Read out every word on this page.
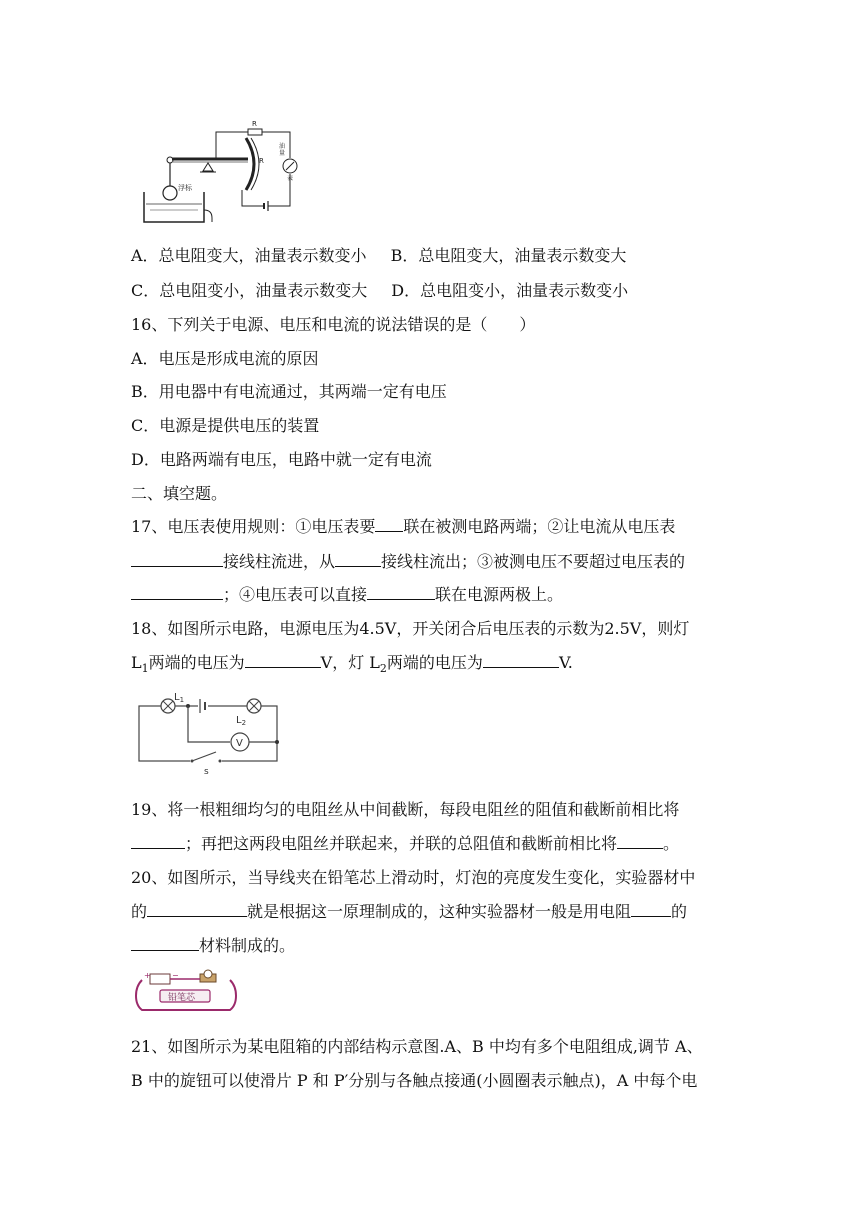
浮标
R
R
油
量
表
A．总电阻变大，油量表示数变小 B．总电阻变大，油量表示数变大
C．总电阻变小，油量表示数变大 D．总电阻变小，油量表示数变小
16、下列关于电源、电压和电流的说法错误的是（　　）
A．电压是形成电流的原因
B．用电器中有电流通过，其两端一定有电压
C．电源是提供电压的装置
D．电路两端有电压，电路中就一定有电流
二、填空题。
17、电压表使用规则：①电压表要 联在被测电路两端；②让电流从电压表
接线柱流进，从	接线柱流出；③被测电压不要超过电压表的
；④电压表可以直接	联在电源两极上。
18、如图所示电路，电源电压为4.5V，开关闭合后电压表的示数为2.5V，则灯
$L_1$两端的电压为	V，灯 $L_2$两端的电压为	V.
$L_1$
$L_2$
V
s
19、将一根粗细均匀的电阻丝从中间截断，每段电阻丝的阻值和截断前相比将
；再把这两段电阻丝并联起来，并联的总阻值和截断前相比将	。
20、如图所示，当导线夹在铅笔芯上滑动时，灯泡的亮度发生变化，实验器材中
的	就是根据这一原理制成的，这种实验器材一般是用电阻	的
材料制成的。
+	−
铅笔芯
21、如图所示为某电阻箱的内部结构示意图.A、B 中均有多个电阻组成,调节 A、
B 中的旋钮可以使滑片 P 和 P′分别与各触点接通(小圆圈表示触点)，A 中每个电
